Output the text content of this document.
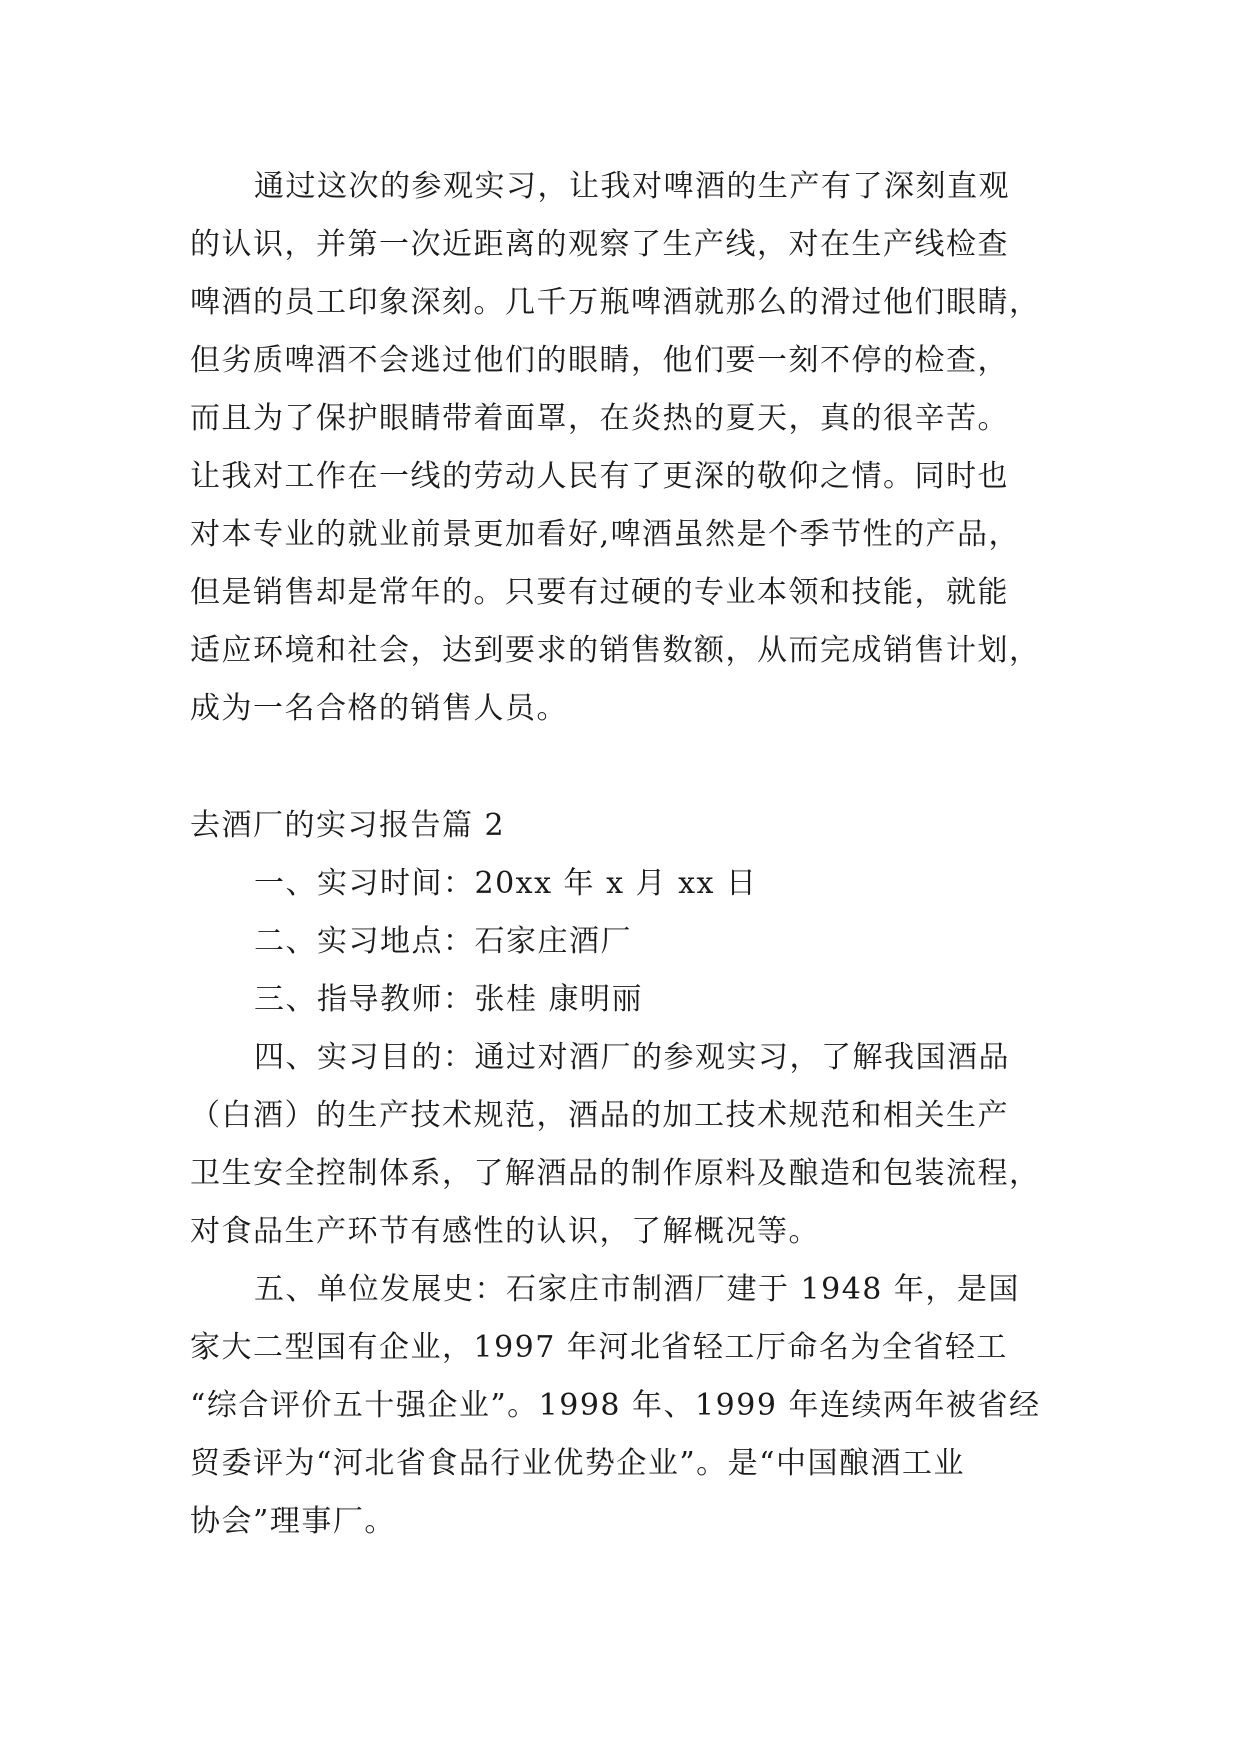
通过这次的参观实习，让我对啤酒的生产有了深刻直观
的认识，并第一次近距离的观察了生产线，对在生产线检查
啤酒的员工印象深刻。几千万瓶啤酒就那么的滑过他们眼睛，
但劣质啤酒不会逃过他们的眼睛，他们要一刻不停的检查，
而且为了保护眼睛带着面罩，在炎热的夏天，真的很辛苦。
让我对工作在一线的劳动人民有了更深的敬仰之情。同时也
对本专业的就业前景更加看好,啤酒虽然是个季节性的产品，
但是销售却是常年的。只要有过硬的专业本领和技能，就能
适应环境和社会，达到要求的销售数额，从而完成销售计划，
成为一名合格的销售人员。
去酒厂的实习报告篇 2
一、实习时间：20xx 年 x 月 xx 日
二、实习地点：石家庄酒厂
三、指导教师：张桂 康明丽
四、实习目的：通过对酒厂的参观实习，了解我国酒品
（白酒）的生产技术规范，酒品的加工技术规范和相关生产
卫生安全控制体系，了解酒品的制作原料及酿造和包装流程，
对食品生产环节有感性的认识，了解概况等。
五、单位发展史：石家庄市制酒厂建于 1948 年，是国
家大二型国有企业，1997 年河北省轻工厅命名为全省轻工
“综合评价五十强企业”。1998 年、1999 年连续两年被省经
贸委评为“河北省食品行业优势企业”。是“中国酿酒工业
协会”理事厂。
